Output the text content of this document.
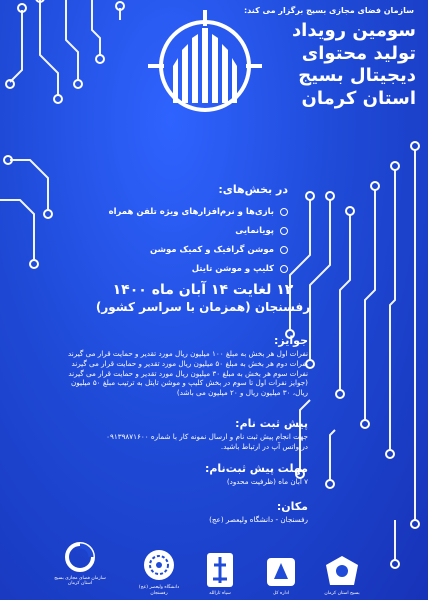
سازمان فضای مجازی بسیج برگزار می کند:
سومین رویداد
تولید محتوای
دیجیتال بسیج
استان کرمان
در بخش‌های:
بازی‌ها و نرم‌افزارهای ویژه تلفن همراه
پویانمایی
موشن گرافیک و کمیک موشن
کلیپ و موشن تایتل
۱۲ لغایت ۱۴ آبان ماه ۱۴۰۰
رفسنجان (همزمان با سراسر کشور)
جوایز:

نفرات اول هر بخش به مبلغ ۱۰۰ میلیون ریال مورد تقدیر و حمایت قرار می گیرند

نفرات دوم هر بخش به مبلغ ۵۰ میلیون ریال مورد تقدیر و حمایت قرار می گیرند

نفرات سوم هر بخش به مبلغ ۳۰ میلیون ریال مورد تقدیر و حمایت قرار می گیرند

(جوایز نفرات اول تا سوم در بخش کلیپ و موشن تایتل به ترتیب مبلغ ۵۰ میلیون

ریال، ۳۰ میلیون ریال و ۲۰ میلیون می باشد)

پیش ثبت نام:

جهت انجام پیش ثبت نام و ارسال نمونه کار با شماره ۰۹۱۳۹۸۷۱۶۰۰

در واتس آپ در ارتباط باشید.

مهلت پیش ثبت‌نام:

۷ آبان ماه (ظرفیت محدود)

مکان:

رفسنجان - دانشگاه ولیعصر (عج)

سازمان فضای مجازی بسیج استان کرمان
دانشگاه ولیعصر (عج) رفسنجان	سپاه ثارالله	اداره کل	بسیج استان کرمان
